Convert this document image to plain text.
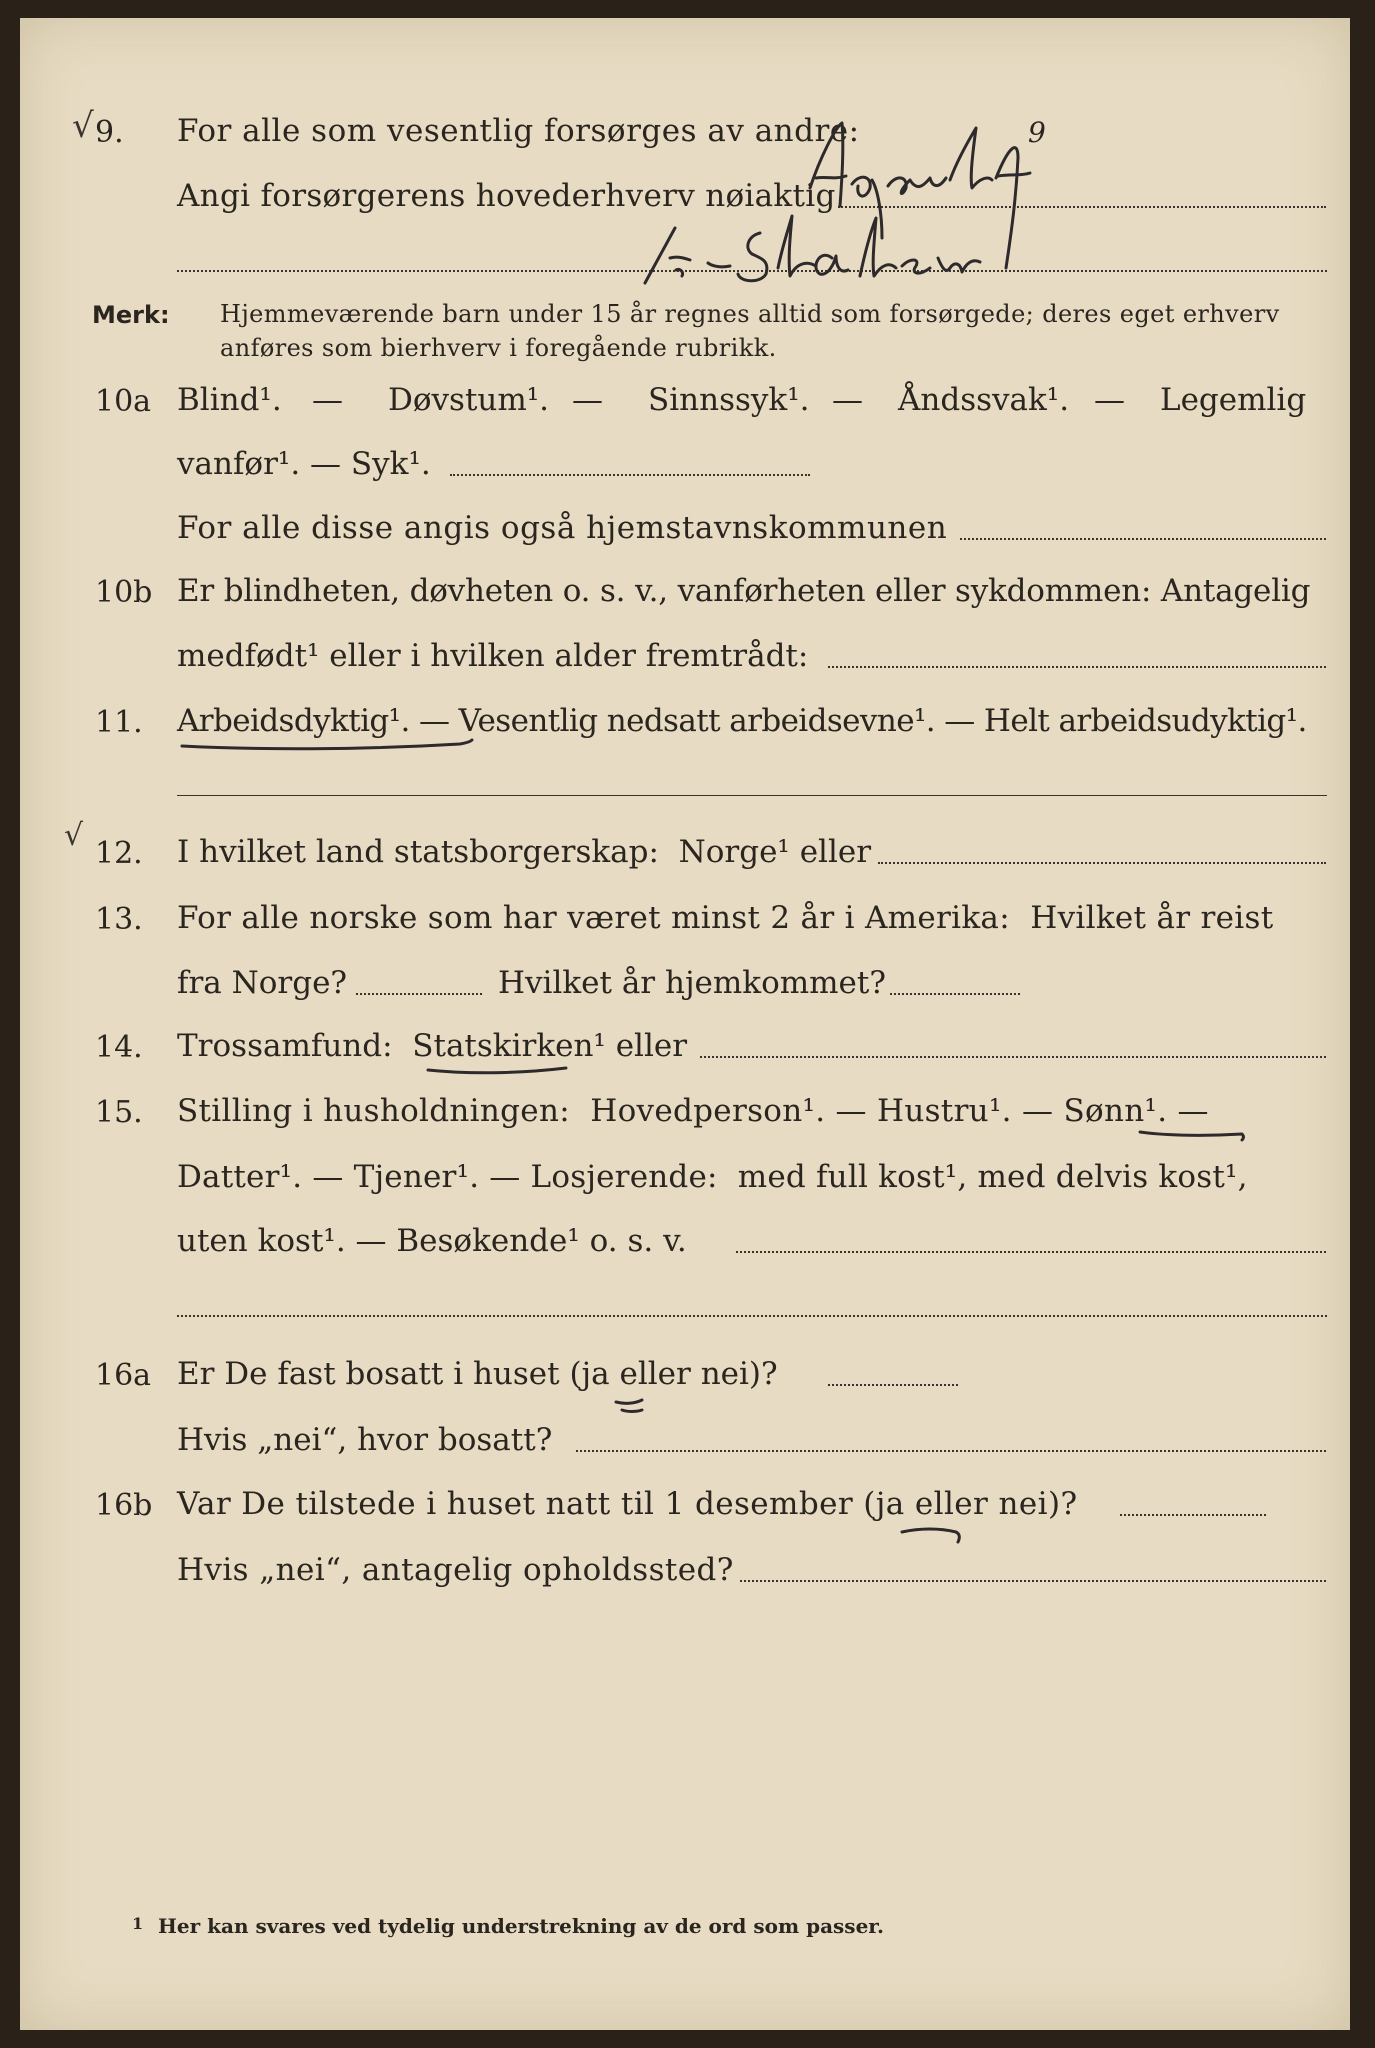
√
√
9. For alle som vesentlig forsørges av andre:	9
Angi forsørgerens hovederhverv nøiaktig
Merk: Hjemmeværende barn under 15 år regnes alltid som forsørgede; deres eget erhverv
anføres som bierhverv i foregående rubrikk.
10a Blind¹. — Døvstum¹. — Sinnssyk¹. — Åndssvak¹. — Legemlig
vanfør¹. — Syk¹.
For alle disse angis også hjemstavnskommunen
10b Er blindheten, døvheten o. s. v., vanførheten eller sykdommen: Antagelig
medfødt¹ eller i hvilken alder fremtrådt:
11. Arbeidsdyktig¹. — Vesentlig nedsatt arbeidsevne¹. — Helt arbeidsudyktig¹.
12. I hvilket land statsborgerskap:  Norge¹ eller
13. For alle norske som har været minst 2 år i Amerika:  Hvilket år reist
fra Norge?	Hvilket år hjemkommet?
14. Trossamfund:  Statskirken¹ eller
15. Stilling i husholdningen:  Hovedperson¹. — Hustru¹. — Sønn¹. —
Datter¹. — Tjener¹. — Losjerende:  med full kost¹, med delvis kost¹,
uten kost¹. — Besøkende¹ o. s. v.
16a Er De fast bosatt i huset (ja eller nei)?
Hvis „nei“, hvor bosatt?
16b Var De tilstede i huset natt til 1 desember (ja eller nei)?
Hvis „nei“, antagelig opholdssted?
1 Her kan svares ved tydelig understrekning av de ord som passer.
